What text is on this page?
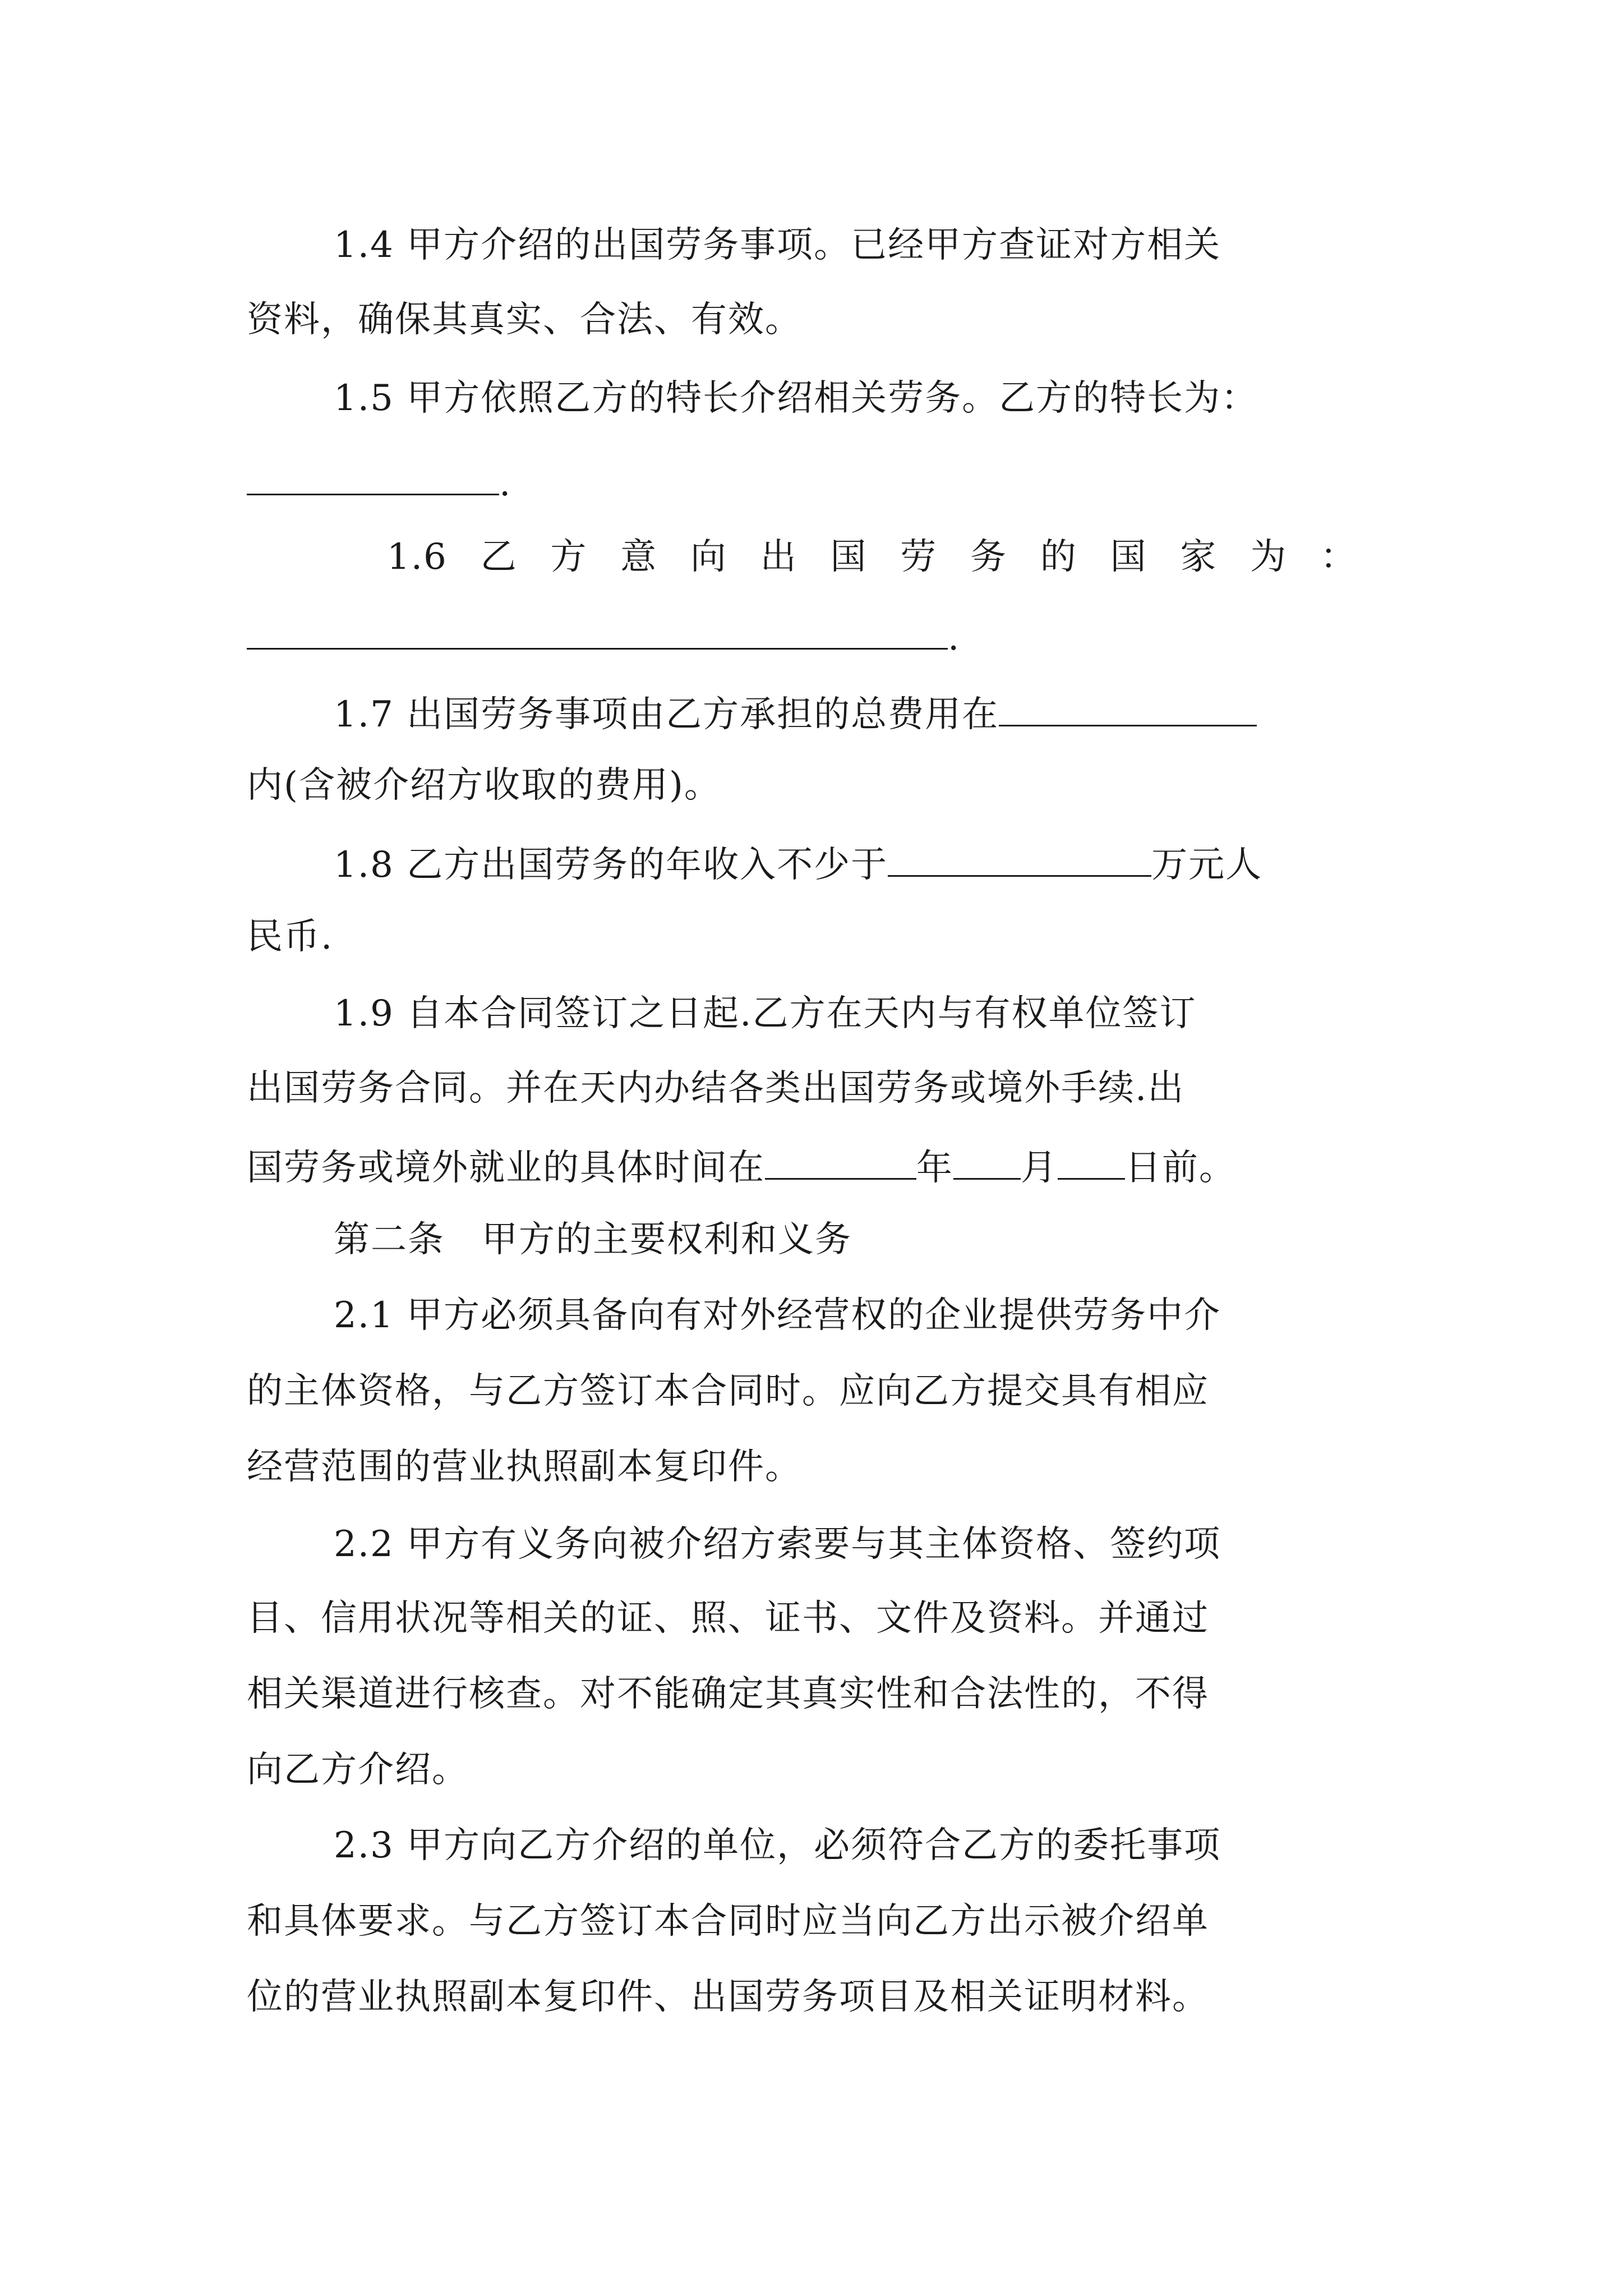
1.4 甲方介绍的出国劳务事项。已经甲方查证对方相关
资料，确保其真实、合法、有效。
1.5 甲方依照乙方的特长介绍相关劳务。乙方的特长为：
.
1.6 乙 方 意 向 出 国 劳 务 的 国 家 为 ：
.
1.7 出国劳务事项由乙方承担的总费用在
内(含被介绍方收取的费用)。
1.8 乙方出国劳务的年收入不少于	万元人
民币.
1.9 自本合同签订之日起.乙方在天内与有权单位签订
出国劳务合同。并在天内办结各类出国劳务或境外手续.出
国劳务或境外就业的具体时间在	年 月 日前。
第二条　甲方的主要权利和义务
2.1 甲方必须具备向有对外经营权的企业提供劳务中介
的主体资格，与乙方签订本合同时。应向乙方提交具有相应
经营范围的营业执照副本复印件。
2.2 甲方有义务向被介绍方索要与其主体资格、签约项
目、信用状况等相关的证、照、证书、文件及资料。并通过
相关渠道进行核查。对不能确定其真实性和合法性的，不得
向乙方介绍。
2.3 甲方向乙方介绍的单位，必须符合乙方的委托事项
和具体要求。与乙方签订本合同时应当向乙方出示被介绍单
位的营业执照副本复印件、出国劳务项目及相关证明材料。
